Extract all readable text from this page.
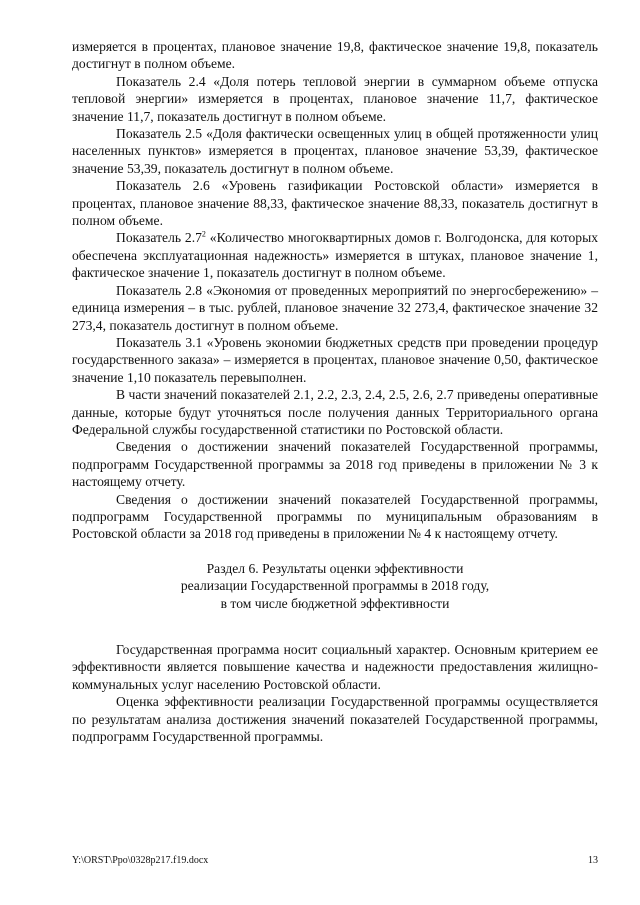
измеряется в процентах, плановое значение 19,8, фактическое значение 19,8, показатель достигнут в полном объеме.

Показатель 2.4 «Доля потерь тепловой энергии в суммарном объеме отпуска тепловой энергии» измеряется в процентах, плановое значение 11,7, фактическое значение 11,7, показатель достигнут в полном объеме.

Показатель 2.5 «Доля фактически освещенных улиц в общей протяженности улиц населенных пунктов» измеряется в процентах, плановое значение 53,39, фактическое значение 53,39, показатель достигнут в полном объеме.

Показатель 2.6 «Уровень газификации Ростовской области» измеряется в процентах, плановое значение 88,33, фактическое значение 88,33, показатель достигнут в полном объеме.

Показатель $2.7^2$ «Количество многоквартирных домов г. Волгодонска, для которых обеспечена эксплуатационная надежность» измеряется в штуках, плановое значение 1, фактическое значение 1, показатель достигнут в полном объеме.

Показатель 2.8 «Экономия от проведенных мероприятий по энергосбережению» – единица измерения – в тыс. рублей, плановое значение 32 273,4, фактическое значение 32 273,4, показатель достигнут в полном объеме.

Показатель 3.1 «Уровень экономии бюджетных средств при проведении процедур государственного заказа» – измеряется в процентах, плановое значение 0,50, фактическое значение 1,10 показатель перевыполнен.

В части значений показателей 2.1, 2.2, 2.3, 2.4, 2.5, 2.6, 2.7 приведены оперативные данные, которые будут уточняться после получения данных Территориального органа Федеральной службы государственной статистики по Ростовской области.

Сведения о достижении значений показателей Государственной программы, подпрограмм Государственной программы за 2018 год приведены в приложении № 3 к настоящему отчету.

Сведения о достижении значений показателей Государственной программы, подпрограмм Государственной программы по муниципальным образованиям в Ростовской области за 2018 год приведены в приложении № 4 к настоящему отчету.

Раздел 6. Результаты оценки эффективности
реализации Государственной программы в 2018 году,
в том числе бюджетной эффективности

Государственная программа носит социальный характер. Основным критерием ее эффективности является повышение качества и надежности предоставления жилищно-коммунальных услуг населению Ростовской области.

Оценка эффективности реализации Государственной программы осуществляется по результатам анализа достижения значений показателей Государственной программы, подпрограмм Государственной программы.

Y:\ORST\Ppo\0328p217.f19.docx	13
